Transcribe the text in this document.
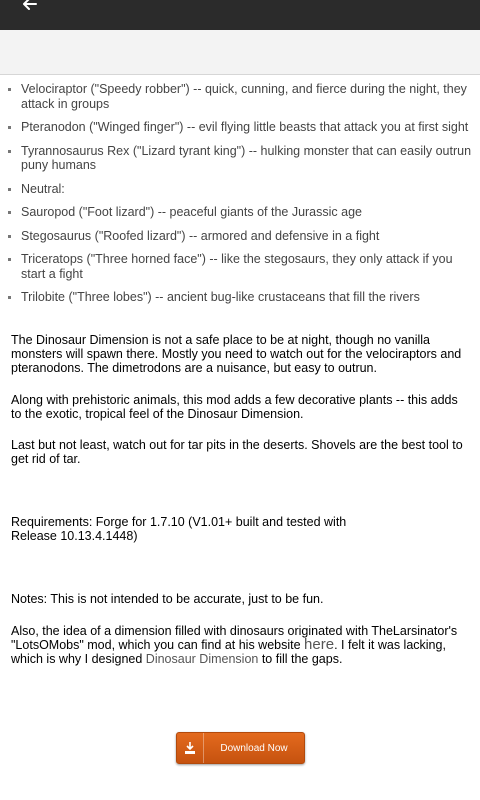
Velociraptor ("Speedy robber") -- quick, cunning, and fierce during the night, they attack in groups
Pteranodon ("Winged finger") -- evil flying little beasts that attack you at first sight
Tyrannosaurus Rex ("Lizard tyrant king") -- hulking monster that can easily outrun puny humans
Neutral:
Sauropod ("Foot lizard") -- peaceful giants of the Jurassic age
Stegosaurus ("Roofed lizard") -- armored and defensive in a fight
Triceratops ("Three horned face") -- like the stegosaurs, they only attack if you start a fight
Trilobite ("Three lobes") -- ancient bug-like crustaceans that fill the rivers
The Dinosaur Dimension is not a safe place to be at night, though no vanilla monsters will spawn there. Mostly you need to watch out for the velociraptors and pteranodons. The dimetrodons are a nuisance, but easy to outrun.
Along with prehistoric animals, this mod adds a few decorative plants -- this adds to the exotic, tropical feel of the Dinosaur Dimension.
Last but not least, watch out for tar pits in the deserts. Shovels are the best tool to get rid of tar.
Requirements: Forge for 1.7.10 (V1.01+ built and tested with Release 10.13.4.1448)
Notes: This is not intended to be accurate, just to be fun.
Also, the idea of a dimension filled with dinosaurs originated with TheLarsinator's "LotsOMobs" mod, which you can find at his website here. I felt it was lacking, which is why I designed Dinosaur Dimension to fill the gaps.
Download Now
